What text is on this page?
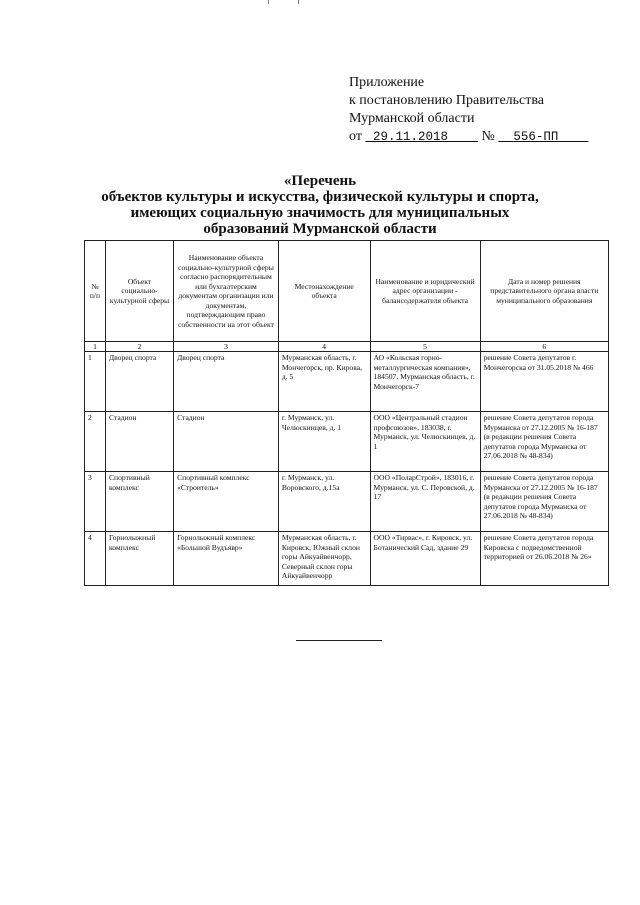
Приложение
к постановлению Правительства
Мурманской области
от 29.11.2018 № 556-ПП
«Перечень
объектов культуры и искусства, физической культуры и спорта,
имеющих социальную значимость для муниципальных
образований Мурманской области
№ п/п	Объект социально-культурной сферы	Наименование объекта социально-культурной сферы согласно распорядительным или бухгалтерским документам организации или документам, подтверждающим право собственности на этот объект	Местонахождение объекта	Наименование и юридический адрес организации - балансодержателя объекта	Дата и номер решения представительного органа власти муниципального образования
1	2	3	4	5	6
1	Дворец спорта	Дворец спорта	Мурманская область, г. Мончегорск, пр. Кирова, д. 5	АО «Кольская горно-металлургическая компания», 184507, Мурманская область, г. Мончегорск-7	решение Совета депутатов г. Мончегорска от 31.05.2018 № 466
2	Стадион	Стадион	г. Мурманск, ул. Челюскинцев, д. 1	ООО «Центральный стадион профсоюзов», 183038, г. Мурманск, ул. Челюскинцев, д. 1	решение Совета депутатов города Мурманска от 27.12.2005 № 16-187 (в редакции решения Совета депутатов города Мурманска от 27.06.2018 № 48-834)
3	Спортивный комплекс	Спортивный комплекс «Строитель»	г. Мурманск, ул. Воровского, д.15а	ООО «ПоларСтрой», 183016, г. Мурманск, ул. С. Перовской, д. 17	решение Совета депутатов города Мурманска от 27.12.2005 № 16-187 (в редакции решения Совета депутатов города Мурманска от 27.06.2018 № 48-834)
4	Горнолыжный комплекс	Горнолыжный комплекс «Большой Вудъявр»	Мурманская область, г. Кировск, Южный склон горы Айкуайвенчорр, Северный склон горы Айкуайвенчорр	ООО «Тирвас», г. Кировск, ул. Ботанический Сад, здание 29	решение Совета депутатов города Кировска с подведомственной территорией от 26.06.2018 № 26»
